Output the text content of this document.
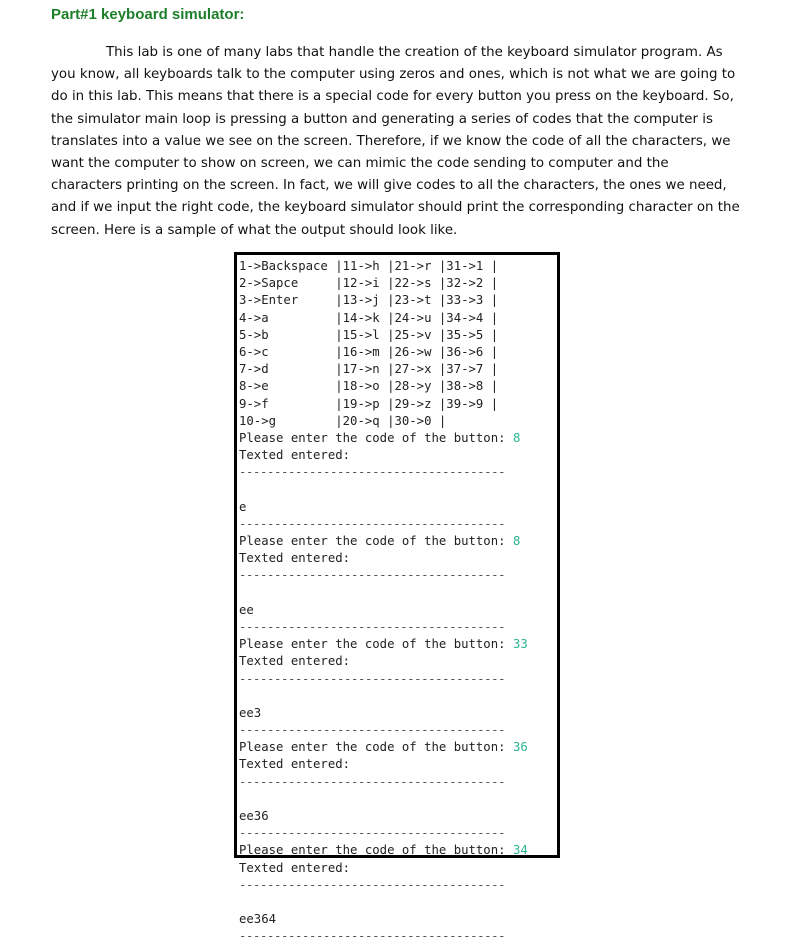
Part#1 keyboard simulator:

This lab is one of many labs that handle the creation of the keyboard simulator program. As you know, all keyboards talk to the computer using zeros and ones, which is not what we are going to do in this lab. This means that there is a special code for every button you press on the keyboard. So, the simulator main loop is pressing a button and generating a series of codes that the computer is translates into a value we see on the screen. Therefore, if we know the code of all the characters, we want the computer to show on screen, we can mimic the code sending to computer and the characters printing on the screen. In fact, we will give codes to all the characters, the ones we need, and if we input the right code, the keyboard simulator should print the corresponding character on the screen. Here is a sample of what the output should look like.

1->Backspace |11->h |21->r |31->1 |
2->Sapce     |12->i |22->s |32->2 |
3->Enter     |13->j |23->t |33->3 |
4->a         |14->k |24->u |34->4 |
5->b         |15->l |25->v |35->5 |
6->c         |16->m |26->w |36->6 |
7->d         |17->n |27->x |37->7 |
8->e         |18->o |28->y |38->8 |
9->f         |19->p |29->z |39->9 |
10->g        |20->q |30->0 |
Please enter the code of the button: 8
Texted entered:
--------------------------------------
e
--------------------------------------
Please enter the code of the button: 8
Texted entered:
--------------------------------------
ee
--------------------------------------
Please enter the code of the button: 33
Texted entered:
--------------------------------------
ee3
--------------------------------------
Please enter the code of the button: 36
Texted entered:
--------------------------------------
ee36
--------------------------------------
Please enter the code of the button: 34
Texted entered:
--------------------------------------
ee364
--------------------------------------
